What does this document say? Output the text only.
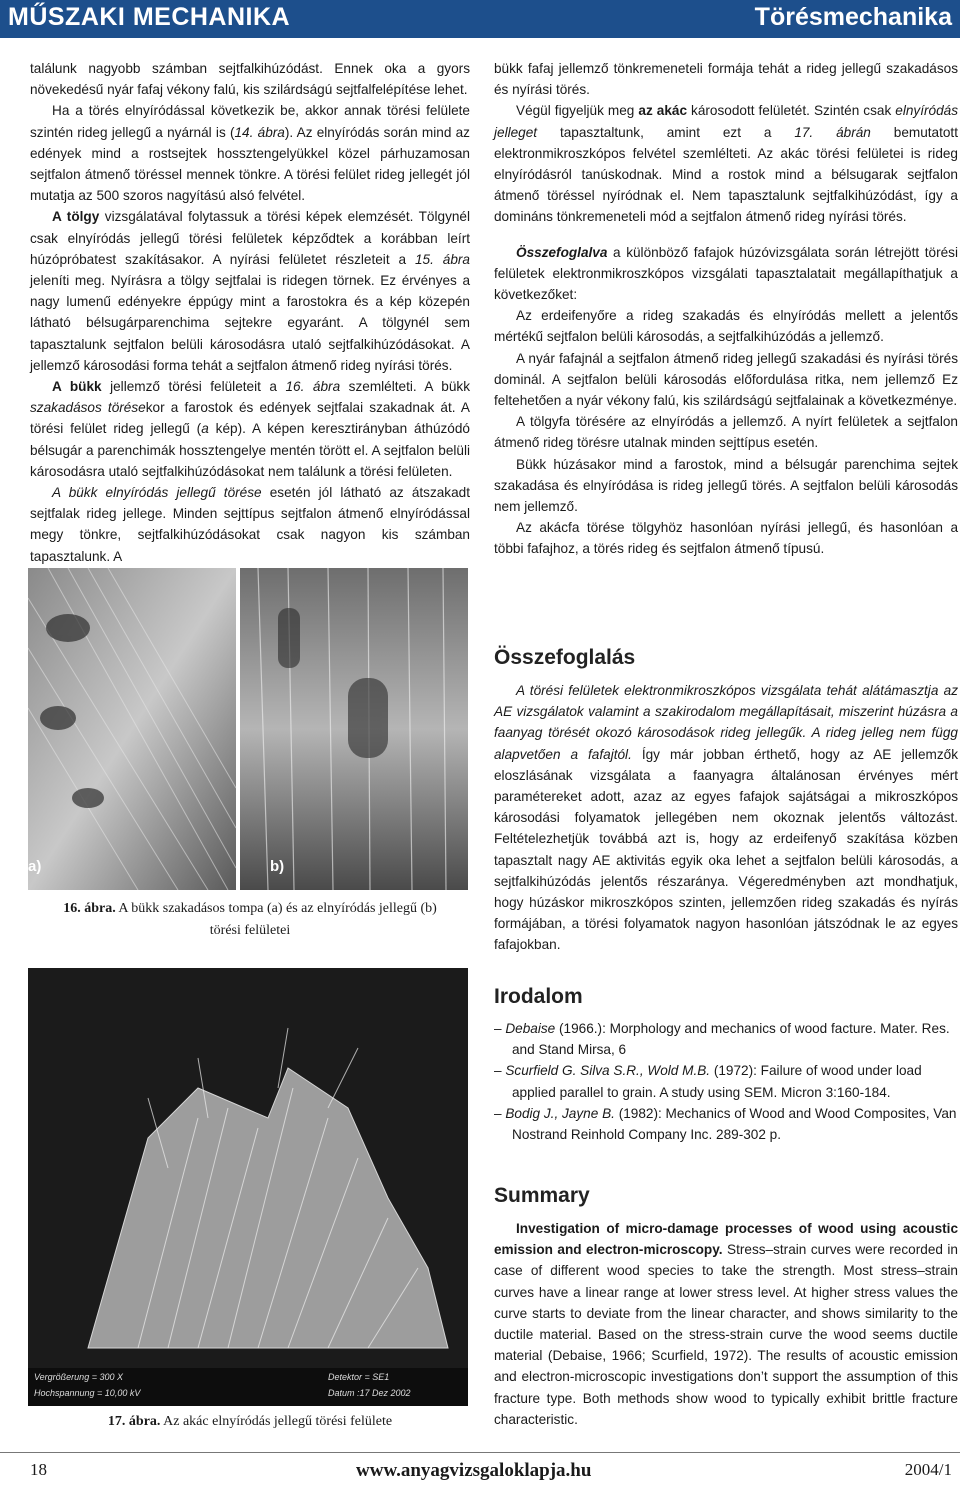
MŰSZAKI MECHANIKA	Törésmechanika

találunk nagyobb számban sejtfalkihúzódást. Ennek oka a gyors növekedésű nyár fafaj vékony falú, kis szilárdságú sejtfalfelépítése lehet.

Ha a törés elnyíródással következik be, akkor annak törési felülete szintén rideg jellegű a nyárnál is (14. ábra). Az elnyíródás során mind az edények mind a rostsejtek hossztengelyükkel közel párhuzamosan sejtfalon átmenő töréssel mennek tönkre. A törési felület rideg jellegét jól mutatja az 500 szoros nagyítású alsó felvétel.

A tölgy vizsgálatával folytassuk a törési képek elemzését. Tölgynél csak elnyíródás jellegű törési felületek képződtek a korábban leírt húzópróbatest szakításakor. A nyírási felületet részleteit a 15. ábra jeleníti meg. Nyírásra a tölgy sejtfalai is ridegen törnek. Ez érvényes a nagy lumenű edényekre éppúgy mint a farostokra és a kép közepén látható bélsugárparenchima sejtekre egyaránt. A tölgynél sem tapasztalunk sejtfalon belüli károsodásra utaló sejtfalkihúzódásokat. A jellemző károsodási forma tehát a sejtfalon átmenő rideg nyírási törés.

A bükk jellemző törési felületeit a 16. ábra szemlélteti. A bükk szakadásos törésekor a farostok és edények sejtfalai szakadnak át. A törési felület rideg jellegű (a kép). A képen keresztirányban áthúzódó bélsugár a parenchimák hossztengelye mentén törött el. A sejtfalon belüli károsodásra utaló sejtfalkihúzódásokat nem találunk a törési felületen.

A bükk elnyíródás jellegű törése esetén jól látható az átszakadt sejtfalak rideg jellege. Minden sejttípus sejtfalon átmenő elnyíródással megy tönkre, sejtfalkihúzódásokat csak nagyon kis számban tapasztalunk. A

a)	b)
16. ábra. A bükk szakadásos tompa (a) és az elnyíródás jellegű (b) törési felületei
Vergrößerung = 300 X
Hochspannung = 10,00 kV
Detektor = SE1
Datum :17 Dez 2002
17. ábra. Az akác elnyíródás jellegű törési felülete

bükk fafaj jellemző tönkremeneteli formája tehát a rideg jellegű szakadásos és nyírási törés.

Végül figyeljük meg az akác károsodott felületét. Szintén csak elnyíródás jelleget tapasztaltunk, amint ezt a 17. ábrán bemutatott elektronmikroszkópos felvétel szemlélteti. Az akác törési felületei is rideg elnyíródásról tanúskodnak. Mind a rostok mind a bélsugarak sejtfalon átmenő töréssel nyíródnak el. Nem tapasztalunk sejtfalkihúzódást, így a domináns tönkremeneteli mód a sejtfalon átmenő rideg nyírási törés.

Összefoglalva a különböző fafajok húzóvizsgálata során létrejött törési felületek elektronmikroszkópos vizsgálati tapasztalatait megállapíthatjuk a következőket:

Az erdeifenyőre a rideg szakadás és elnyíródás mellett a jelentős mértékű sejtfalon belüli károsodás, a sejtfalkihúzódás a jellemző.

A nyár fafajnál a sejtfalon átmenő rideg jellegű szakadási és nyírási törés dominál. A sejtfalon belüli károsodás előfordulása ritka, nem jellemző Ez feltehetően a nyár vékony falú, kis szilárdságú sejtfalainak a következménye.

A tölgyfa törésére az elnyíródás a jellemző. A nyírt felületek a sejtfalon átmenő rideg törésre utalnak minden sejttípus esetén.

Bükk húzásakor mind a farostok, mind a bélsugár parenchima sejtek szakadása és elnyíródása is rideg jellegű törés. A sejtfalon belüli károsodás nem jellemző.

Az akácfa törése tölgyhöz hasonlóan nyírási jellegű, és hasonlóan a többi fafajhoz, a törés rideg és sejtfalon átmenő típusú.

Összefoglalás

A törési felületek elektronmikroszkópos vizsgálata tehát alátámasztja az AE vizsgálatok valamint a szakirodalom megállapításait, miszerint húzásra a faanyag törését okozó károsodások rideg jellegűk. A rideg jelleg nem függ alapvetően a fafajtól. Így már jobban érthető, hogy az AE jellemzők eloszlásának vizsgálata a faanyagra általánosan érvényes mért paramétereket adott, azaz az egyes fafajok sajátságai a mikroszkópos károsodási folyamatok jellegében nem okoznak jelentős változást. Feltételezhetjük továbbá azt is, hogy az erdeifenyő szakítása közben tapasztalt nagy AE aktivitás egyik oka lehet a sejtfalon belüli károsodás, a sejtfalkihúzódás jelentős részaránya. Végeredményben azt mondhatjuk, hogy húzáskor mikroszkópos szinten, jellemzően rideg szakadás és nyírás formájában, a törési folyamatok nagyon hasonlóan játszódnak le az egyes fafajokban.

Irodalom

– Debaise (1966.): Morphology and mechanics of wood facture. Mater. Res. and Stand Mirsa, 6

– Scurfield G. Silva S.R., Wold M.B. (1972): Failure of wood under load applied parallel to grain. A study using SEM. Micron 3:160-184.

– Bodig J., Jayne B. (1982): Mechanics of Wood and Wood Composites, Van Nostrand Reinhold Company Inc. 289-302 p.

Summary

Investigation of micro-damage processes of wood using acoustic emission and electron-microscopy. Stress–strain curves were recorded in case of different wood species to take the strength. Most stress–strain curves have a linear range at lower stress level. At higher stress values the curve starts to deviate from the linear character, and shows similarity to the ductile material. Based on the stress-strain curve the wood seems ductile material (Debaise, 1966; Scurfield, 1972). The results of acoustic emission and electron-microscopic investigations don’t support the assumption of this fracture type. Both methods show wood to typically exhibit brittle fracture characteristic.

18	www.anyagvizsgaloklapja.hu	2004/1
